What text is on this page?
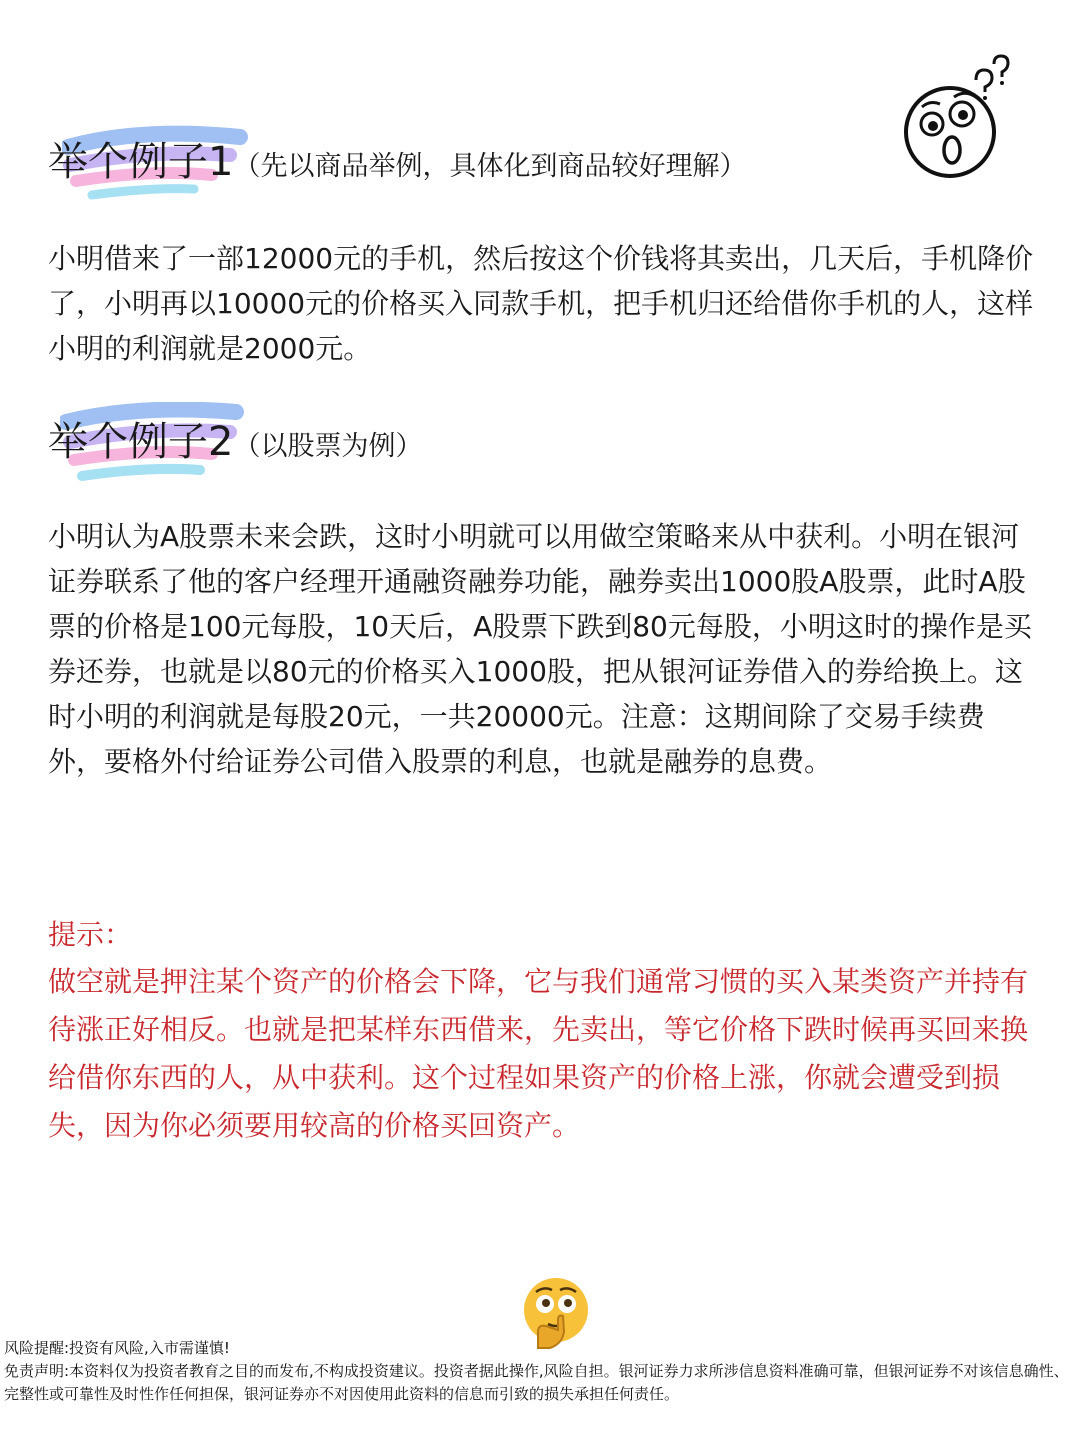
举个例子1（先以商品举例，具体化到商品较好理解）

小明借来了一部12000元的手机，然后按这个价钱将其卖出，几天后，手机降价了，小明再以10000元的价格买入同款手机，把手机归还给借你手机的人，这样小明的利润就是2000元。

举个例子2（以股票为例）

小明认为A股票未来会跌，这时小明就可以用做空策略来从中获利。小明在银河证券联系了他的客户经理开通融资融券功能，融券卖出1000股A股票，此时A股票的价格是100元每股，10天后，A股票下跌到80元每股，小明这时的操作是买券还券，也就是以80元的价格买入1000股，把从银河证券借入的券给换上。这时小明的利润就是每股20元，一共20000元。注意：这期间除了交易手续费外，要格外付给证券公司借入股票的利息，也就是融券的息费。

提示：

做空就是押注某个资产的价格会下降，它与我们通常习惯的买入某类资产并持有待涨正好相反。也就是把某样东西借来，先卖出，等它价格下跌时候再买回来换给借你东西的人，从中获利。这个过程如果资产的价格上涨，你就会遭受到损失，因为你必须要用较高的价格买回资产。

风险提醒:投资有风险,入市需谨慎!

免责声明:本资料仅为投资者教育之目的而发布,不构成投资建议。投资者据此操作,风险自担。银河证券力求所涉信息资料准确可靠，但银河证券不对该信息确性、完整性或可靠性及时性作任何担保，银河证券亦不对因使用此资料的信息而引致的损失承担任何责任。
